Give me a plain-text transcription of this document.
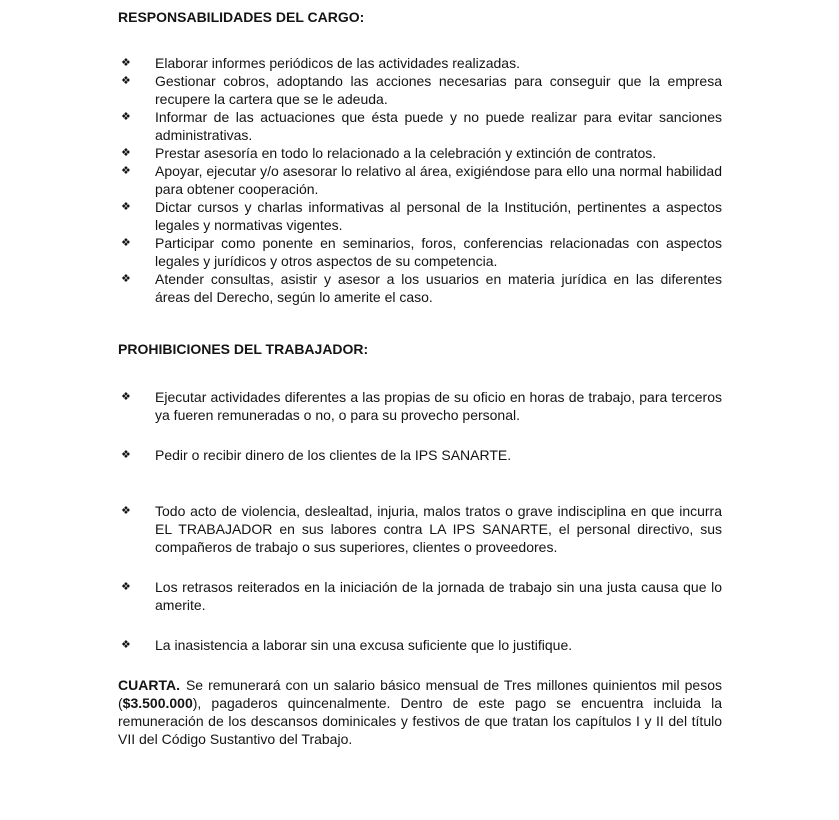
RESPONSABILIDADES DEL CARGO:
❖ Elaborar informes periódicos de las actividades realizadas.
❖ Gestionar cobros, adoptando las acciones necesarias para conseguir que la empresa recupere la cartera que se le adeuda.
❖ Informar de las actuaciones que ésta puede y no puede realizar para evitar sanciones administrativas.
❖ Prestar asesoría en todo lo relacionado a la celebración y extinción de contratos.
❖ Apoyar, ejecutar y/o asesorar lo relativo al área, exigiéndose para ello una normal habilidad para obtener cooperación.
❖ Dictar cursos y charlas informativas al personal de la Institución, pertinentes a aspectos legales y normativas vigentes.
❖ Participar como ponente en seminarios, foros, conferencias relacionadas con aspectos legales y jurídicos y otros aspectos de su competencia.
❖ Atender consultas, asistir y asesor a los usuarios en materia jurídica en las diferentes áreas del Derecho, según lo amerite el caso.
PROHIBICIONES DEL TRABAJADOR:
❖ Ejecutar actividades diferentes a las propias de su oficio en horas de trabajo, para terceros ya fueren remuneradas o no, o para su provecho personal.
❖ Pedir o recibir dinero de los clientes de la IPS SANARTE.
❖ Todo acto de violencia, deslealtad, injuria, malos tratos o grave indisciplina en que incurra EL TRABAJADOR en sus labores contra LA IPS SANARTE, el personal directivo, sus compañeros de trabajo o sus superiores, clientes o proveedores.
❖ Los retrasos reiterados en la iniciación de la jornada de trabajo sin una justa causa que lo amerite.
❖ La inasistencia a laborar sin una excusa suficiente que lo justifique.

CUARTA. Se remunerará con un salario básico mensual de Tres millones quinientos mil pesos ($3.500.000), pagaderos quincenalmente. Dentro de este pago se encuentra incluida la remuneración de los descansos dominicales y festivos de que tratan los capítulos I y II del título VII del Código Sustantivo del Trabajo.
